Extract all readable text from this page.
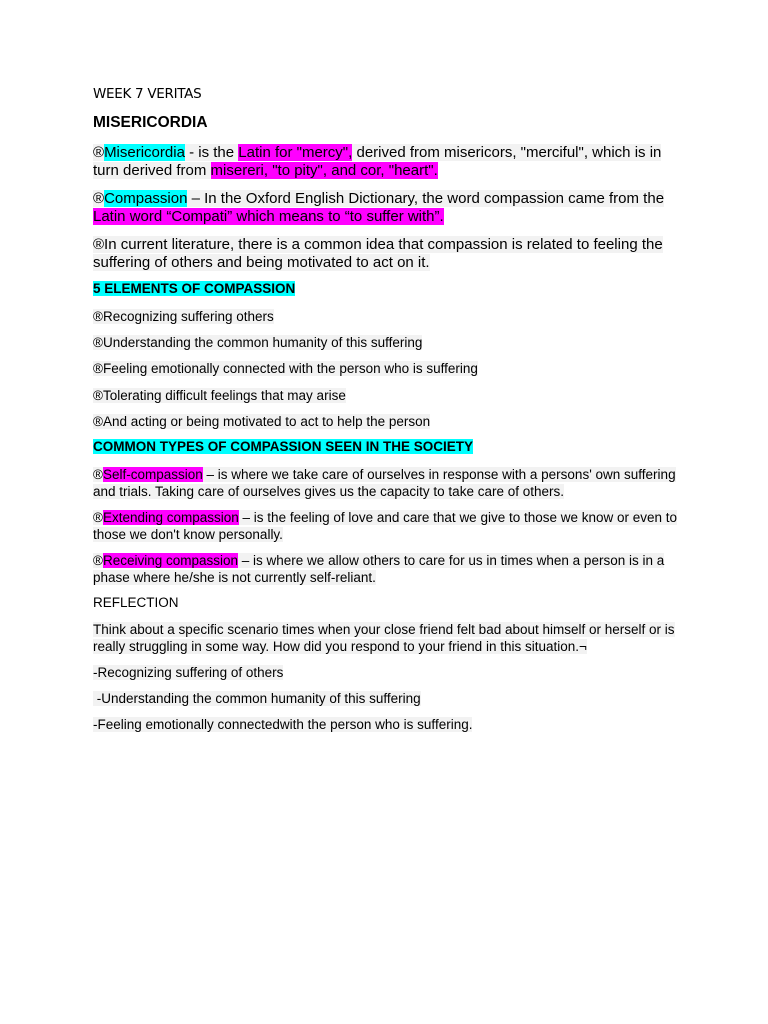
WEEK 7 VERITAS
MISERICORDIA
®Misericordia - is the Latin for "mercy", derived from misericors, "merciful", which is in turn derived from misereri, "to pity", and cor, "heart".
®Compassion – In the Oxford English Dictionary, the word compassion came from the Latin word “Compati” which means to “to suffer with”.
®In current literature, there is a common idea that compassion is related to feeling the suffering of others and being motivated to act on it.
5 ELEMENTS OF COMPASSION
®Recognizing suffering others
®Understanding the common humanity of this suffering
®Feeling emotionally connected with the person who is suffering
®Tolerating difficult feelings that may arise
®And acting or being motivated to act to help the person
COMMON TYPES OF COMPASSION SEEN IN THE SOCIETY
®Self-compassion – is where we take care of ourselves in response with a persons' own suffering and trials. Taking care of ourselves gives us the capacity to take care of others.
®Extending compassion – is the feeling of love and care that we give to those we know or even to those we don't know personally.
®Receiving compassion – is where we allow others to care for us in times when a person is in a phase where he/she is not currently self-reliant.
REFLECTION
Think about a specific scenario times when your close friend felt bad about himself or herself or is really struggling in some way. How did you respond to your friend in this situation.¬
-Recognizing suffering of others
-Understanding the common humanity of this suffering
-Feeling emotionally connectedwith the person who is suffering.
